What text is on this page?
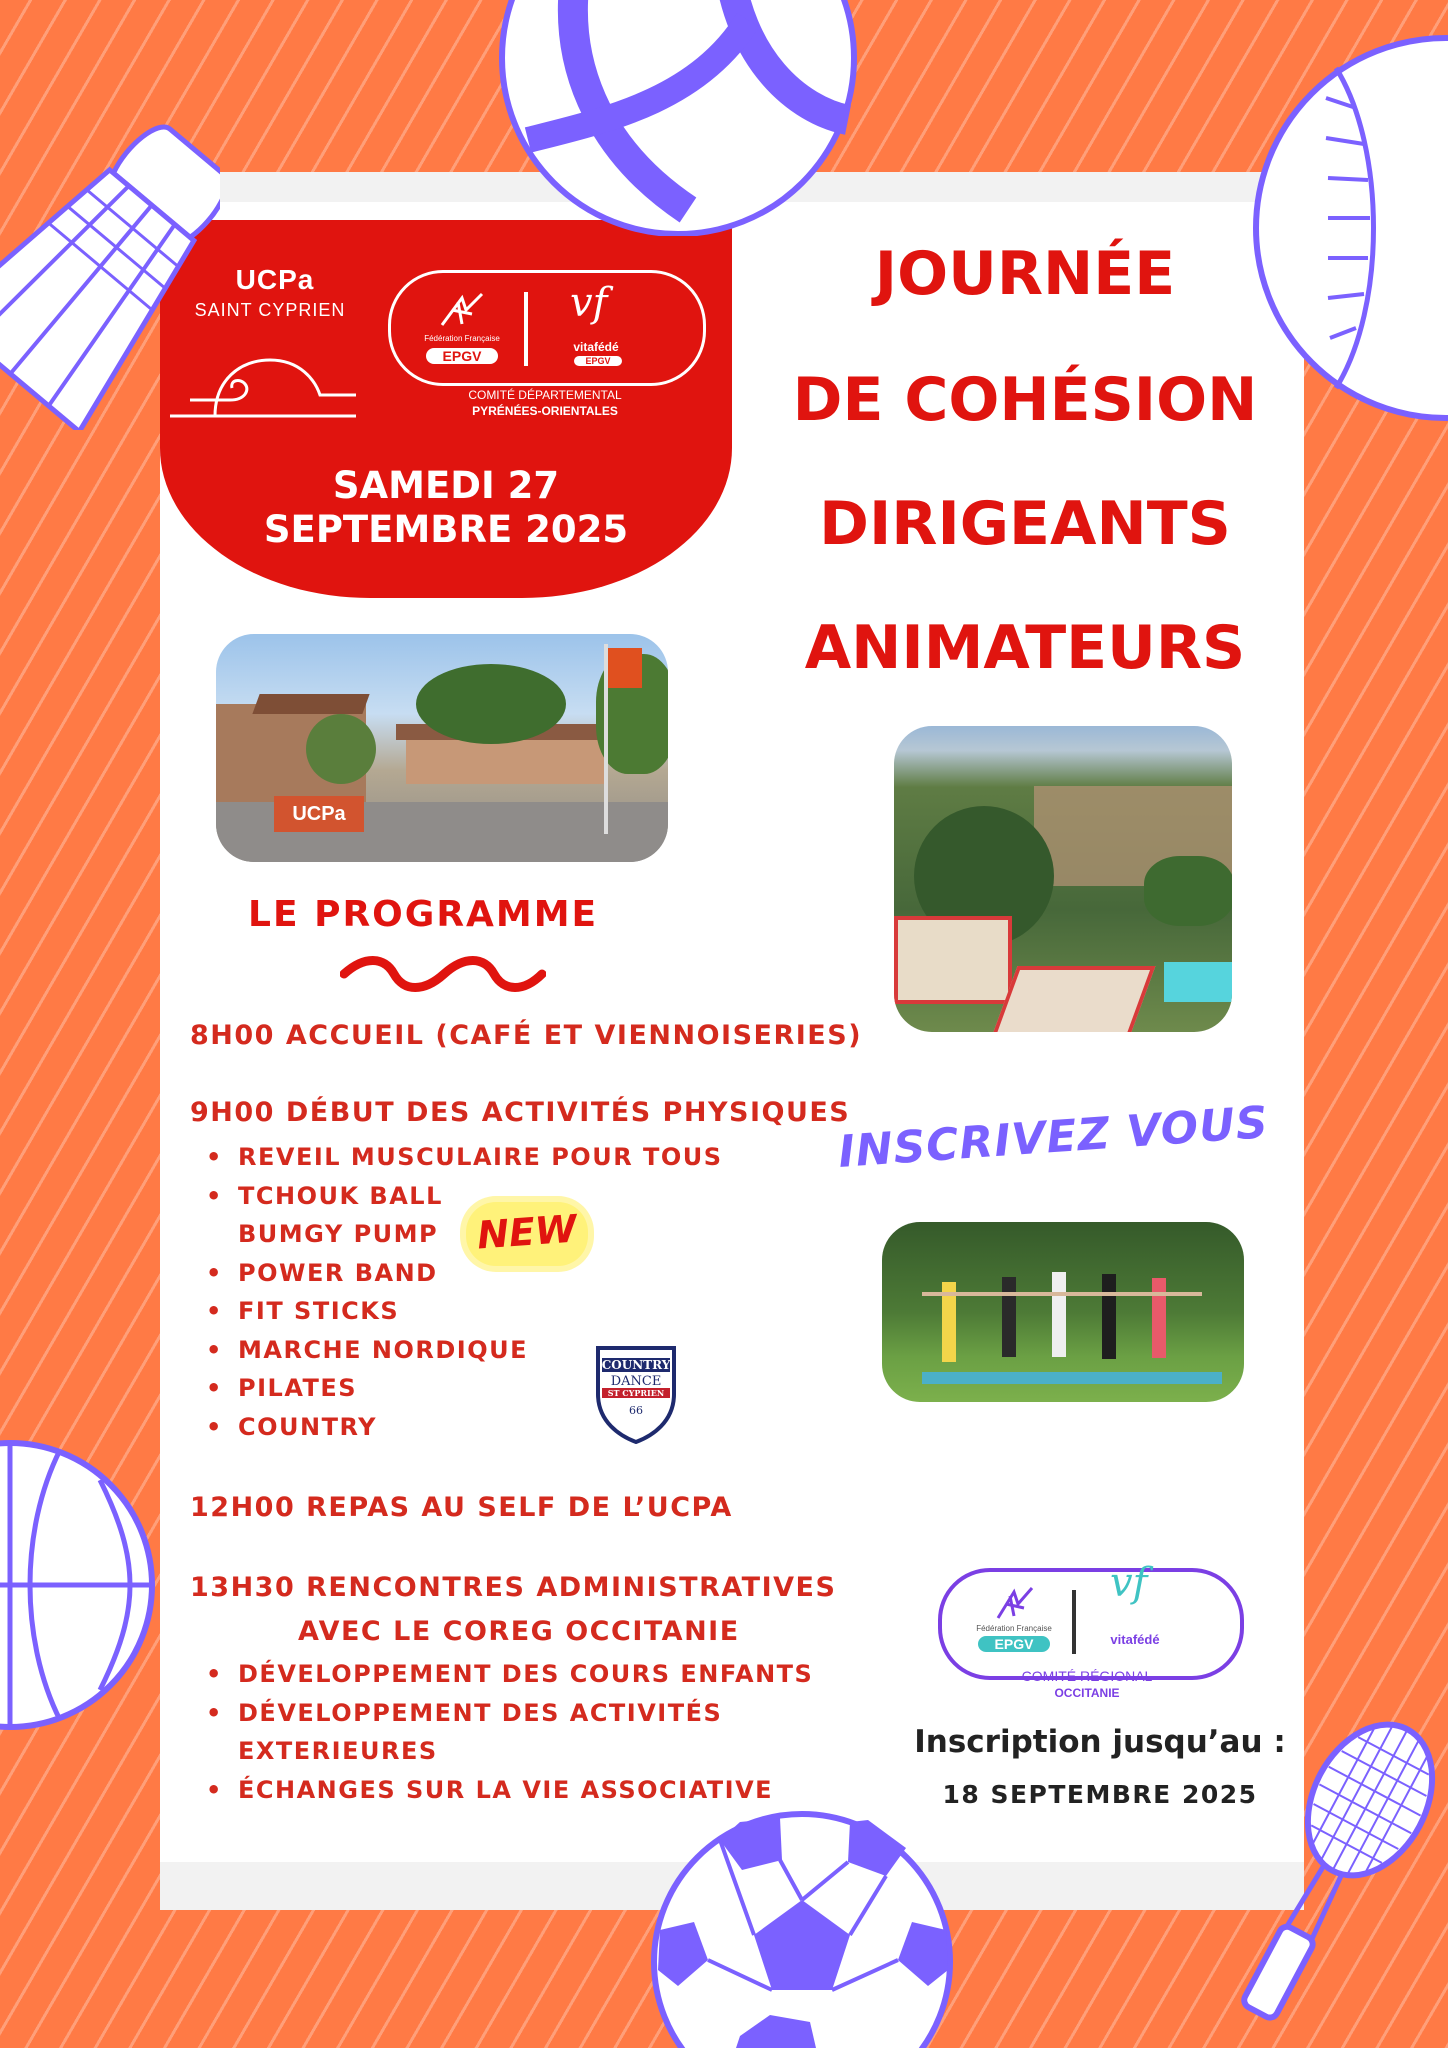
UCPa
SAINT CYPRIEN
Fédération Française
EPGV
vf
vitafédé
EPGV
COMITÉ DÉPARTEMENTAL
PYRÉNÉES-ORIENTALES
SAMEDI 27
SEPTEMBRE 2025
JOURNÉE
DE COHÉSION
DIRIGEANTS
ANIMATEURS
UCPa
LE PROGRAMME
8H00 ACCUEIL (CAFÉ ET VIENNOISERIES)
9H00 DÉBUT DES ACTIVITÉS PHYSIQUES
• REVEIL MUSCULAIRE POUR TOUS
• TCHOUK BALL
BUMGY PUMP
• POWER BAND
• FIT STICKS
• MARCHE NORDIQUE
• PILATES
• COUNTRY
NEW
COUNTRY
DANCE
ST CYPRIEN
66
12H00 REPAS AU SELF DE L’UCPA
13H30 RENCONTRES ADMINISTRATIVES
AVEC LE COREG OCCITANIE
• DÉVELOPPEMENT DES COURS ENFANTS
• DÉVELOPPEMENT DES ACTIVITÉS
EXTERIEURES
• ÉCHANGES SUR LA VIE ASSOCIATIVE
INSCRIVEZ VOUS
Fédération Française
EPGV
vf
vitafédé
COMITÉ RÉGIONAL
OCCITANIE
Inscription jusqu’au :
18 SEPTEMBRE 2025
